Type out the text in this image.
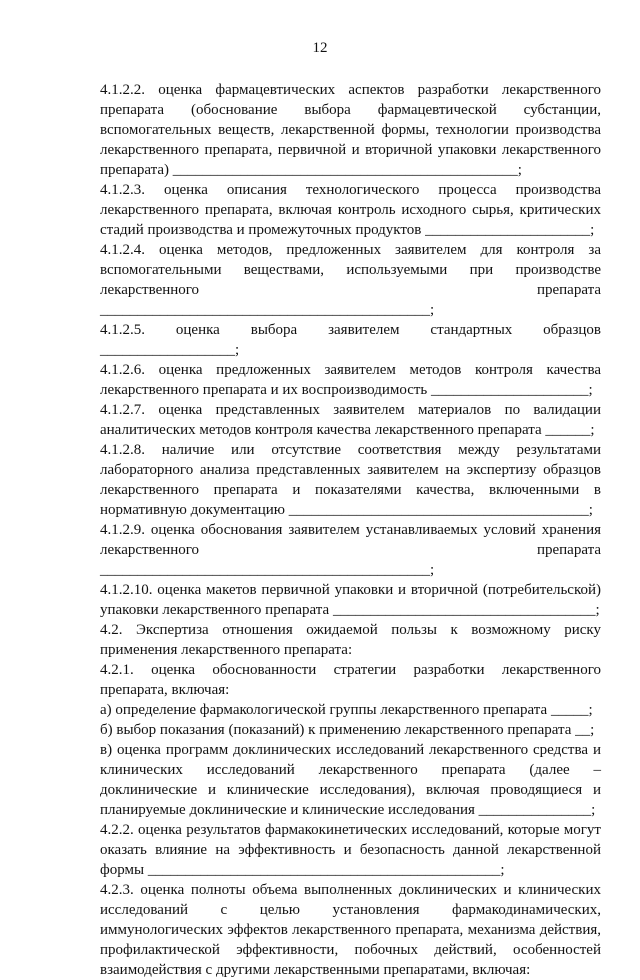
12

4.1.2.2. оценка фармацевтических аспектов разработки лекарственного препарата (обоснование выбора фармацевтической субстанции, вспомогательных веществ, лекарственной формы, технологии производства лекарственного препарата, первичной и вторичной упаковки лекарственного препарата) ______________________________________________;

4.1.2.3. оценка описания технологического процесса производства лекарственного препарата, включая контроль исходного сырья, критических стадий производства и промежуточных продуктов ______________________;

4.1.2.4. оценка методов, предложенных заявителем для контроля за вспомогательными веществами, используемыми при производстве лекарственного препарата ____________________________________________;

4.1.2.5. оценка выбора заявителем стандартных образцов __________________;

4.1.2.6. оценка предложенных заявителем методов контроля качества лекарственного препарата и их воспроизводимость _____________________;

4.1.2.7. оценка представленных заявителем материалов по валидации аналитических методов контроля качества лекарственного препарата ______;

4.1.2.8. наличие или отсутствие соответствия между результатами лабораторного анализа представленных заявителем на экспертизу образцов лекарственного препарата и показателями качества, включенными в нормативную документацию ________________________________________;

4.1.2.9. оценка обоснования заявителем устанавливаемых условий хранения лекарственного препарата ____________________________________________;

4.1.2.10. оценка макетов первичной упаковки и вторичной (потребительской) упаковки лекарственного препарата ___________________________________;

4.2. Экспертиза отношения ожидаемой пользы к возможному риску применения лекарственного препарата:

4.2.1. оценка обоснованности стратегии разработки лекарственного препарата, включая:

а) определение фармакологической группы лекарственного препарата _____;

б) выбор показания (показаний) к применению лекарственного препарата __;

в) оценка программ доклинических исследований лекарственного средства и клинических исследований лекарственного препарата (далее – доклинические и клинические исследования), включая проводящиеся и планируемые доклинические и клинические исследования _______________;

4.2.2. оценка результатов фармакокинетических исследований, которые могут оказать влияние на эффективность и безопасность данной лекарственной формы _______________________________________________;

4.2.3. оценка полноты объема выполненных доклинических и клинических исследований с целью установления фармакодинамических, иммунологических эффектов лекарственного препарата, механизма действия, профилактической эффективности, побочных действий, особенностей взаимодействия с другими лекарственными препаратами, включая:
